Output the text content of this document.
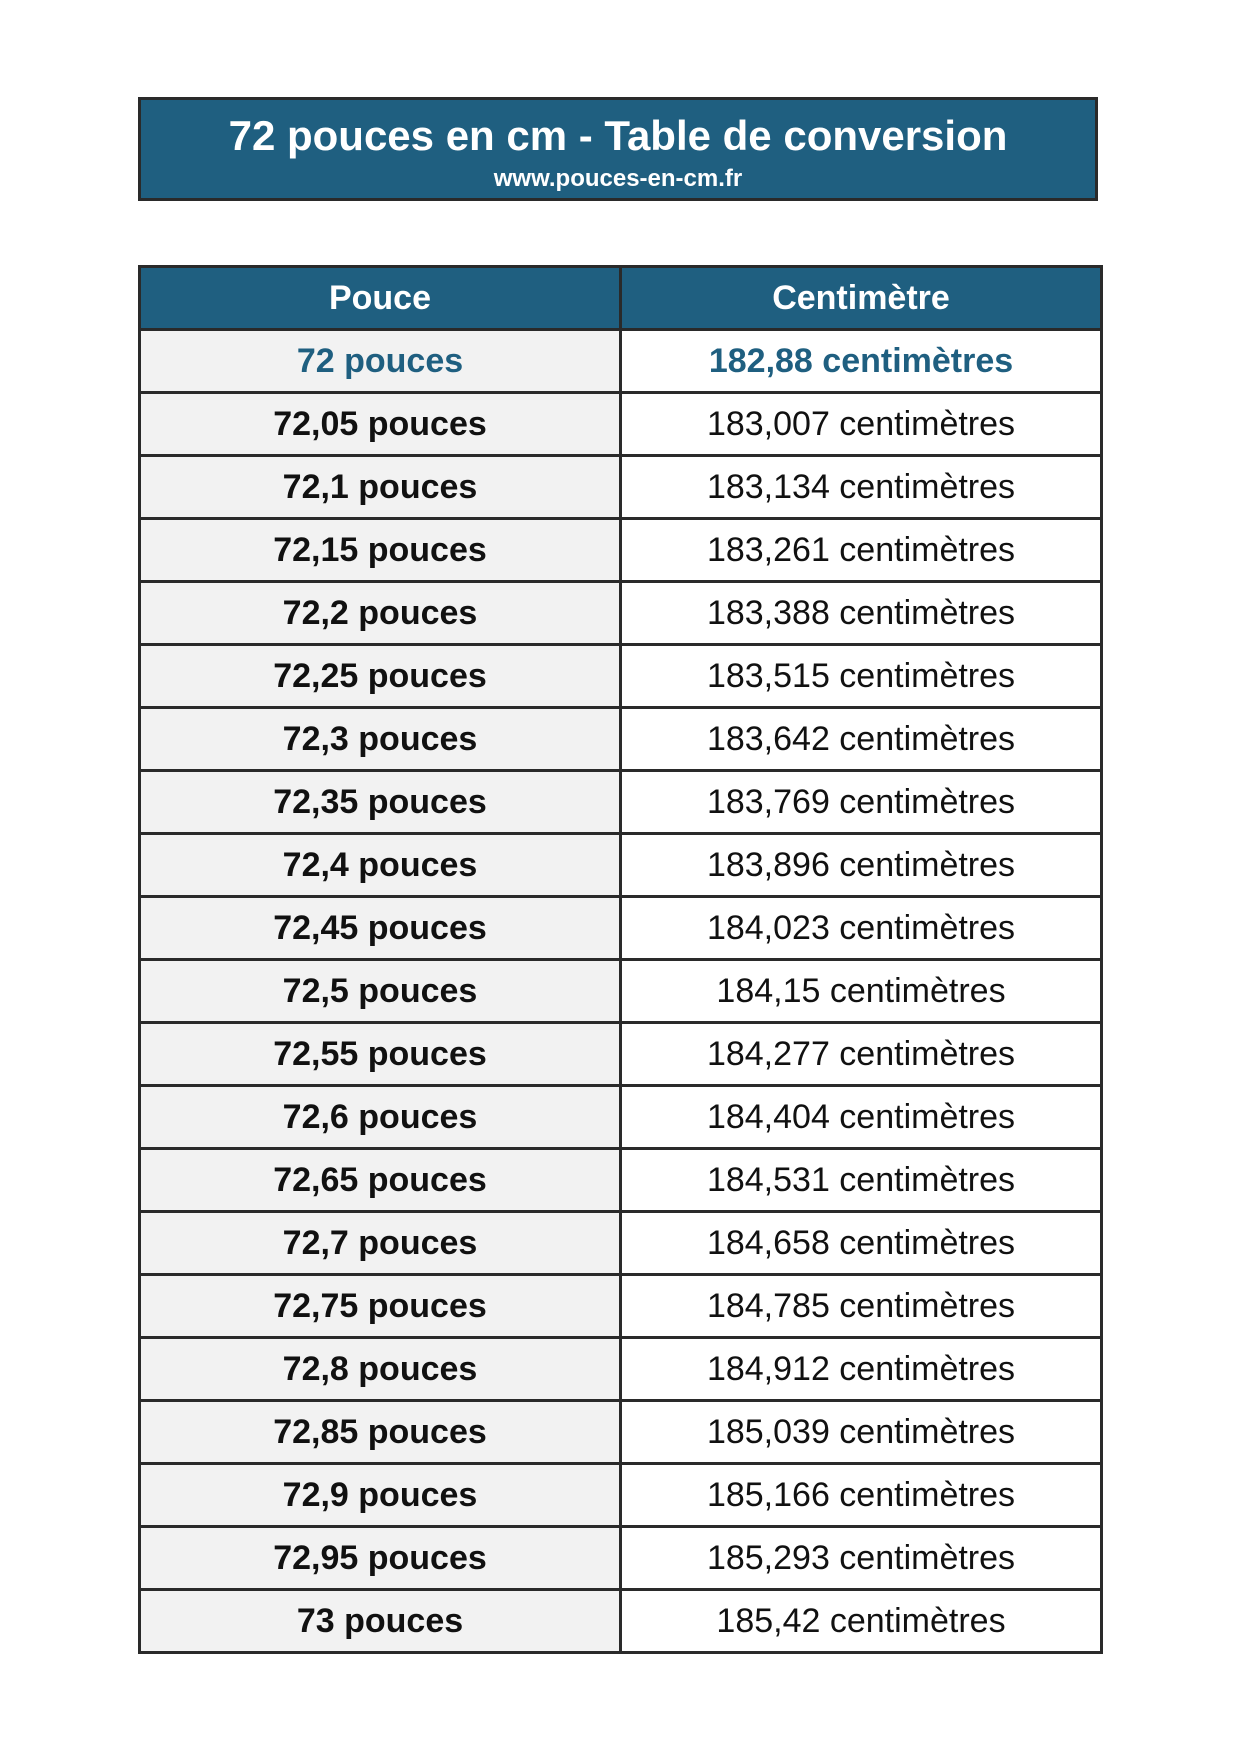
72 pouces en cm - Table de conversion
www.pouces-en-cm.fr
Pouce	Centimètre
72 pouces	182,88 centimètres
72,05 pouces	183,007 centimètres
72,1 pouces	183,134 centimètres
72,15 pouces	183,261 centimètres
72,2 pouces	183,388 centimètres
72,25 pouces	183,515 centimètres
72,3 pouces	183,642 centimètres
72,35 pouces	183,769 centimètres
72,4 pouces	183,896 centimètres
72,45 pouces	184,023 centimètres
72,5 pouces	184,15 centimètres
72,55 pouces	184,277 centimètres
72,6 pouces	184,404 centimètres
72,65 pouces	184,531 centimètres
72,7 pouces	184,658 centimètres
72,75 pouces	184,785 centimètres
72,8 pouces	184,912 centimètres
72,85 pouces	185,039 centimètres
72,9 pouces	185,166 centimètres
72,95 pouces	185,293 centimètres
73 pouces	185,42 centimètres
